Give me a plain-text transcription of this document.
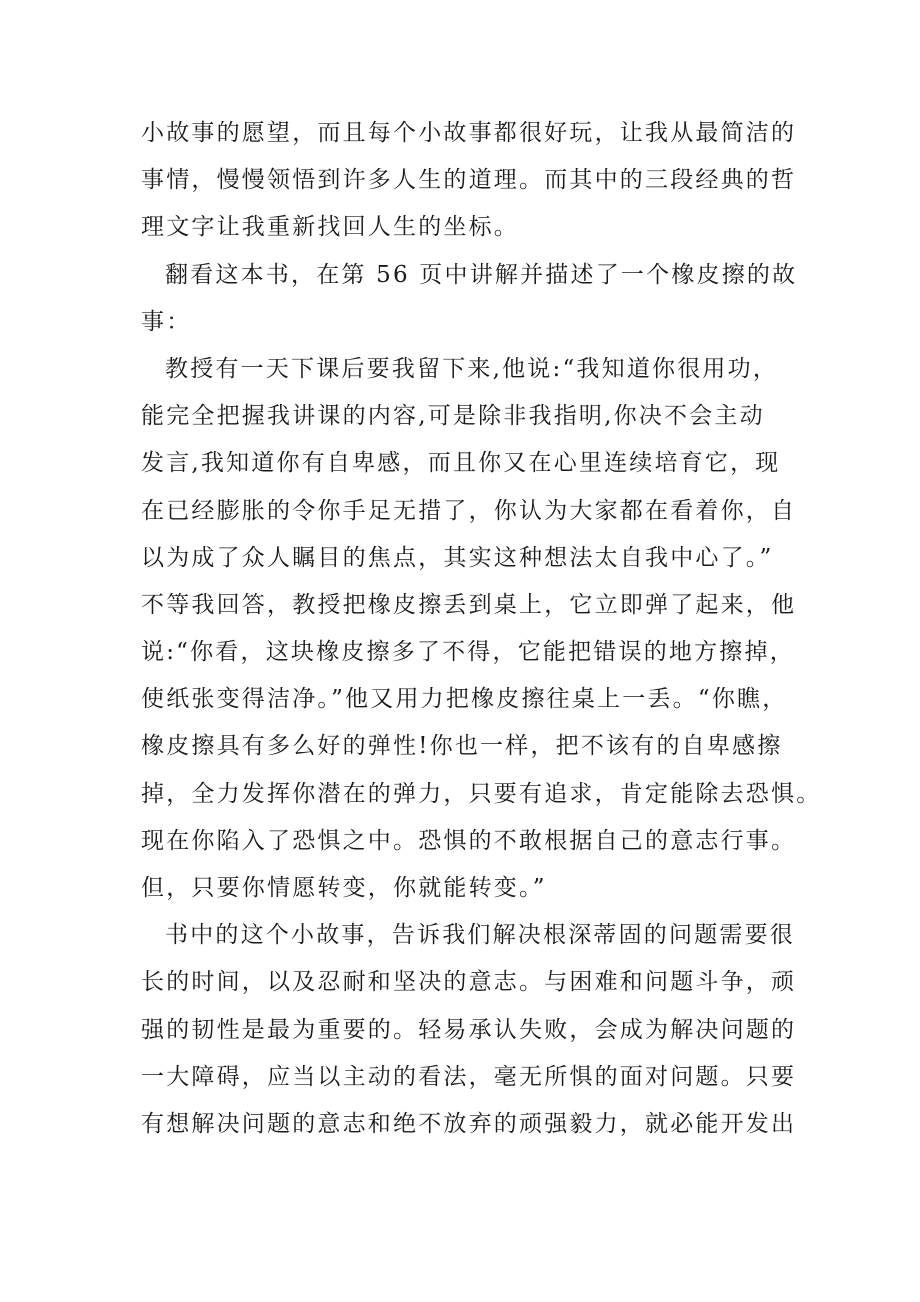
小故事的愿望，而且每个小故事都很好玩，让我从最简洁的
事情，慢慢领悟到许多人生的道理。而其中的三段经典的哲
理文字让我重新找回人生的坐标。
翻看这本书，在第 56 页中讲解并描述了一个橡皮擦的故
事：
教授有一天下课后要我留下来,他说:“我知道你很用功，
能完全把握我讲课的内容,可是除非我指明,你决不会主动
发言,我知道你有自卑感，而且你又在心里连续培育它，现
在已经膨胀的令你手足无措了，你认为大家都在看着你，自
以为成了众人瞩目的焦点，其实这种想法太自我中心了。”
不等我回答，教授把橡皮擦丢到桌上，它立即弹了起来，他
说:“你看，这块橡皮擦多了不得，它能把错误的地方擦掉，
使纸张变得洁净。”他又用力把橡皮擦往桌上一丢。“你瞧，
橡皮擦具有多么好的弹性!你也一样，把不该有的自卑感擦
掉，全力发挥你潜在的弹力，只要有追求，肯定能除去恐惧。
现在你陷入了恐惧之中。恐惧的不敢根据自己的意志行事。
但，只要你情愿转变，你就能转变。”
书中的这个小故事，告诉我们解决根深蒂固的问题需要很
长的时间，以及忍耐和坚决的意志。与困难和问题斗争，顽
强的韧性是最为重要的。轻易承认失败，会成为解决问题的
一大障碍，应当以主动的看法，毫无所惧的面对问题。只要
有想解决问题的意志和绝不放弃的顽强毅力，就必能开发出
